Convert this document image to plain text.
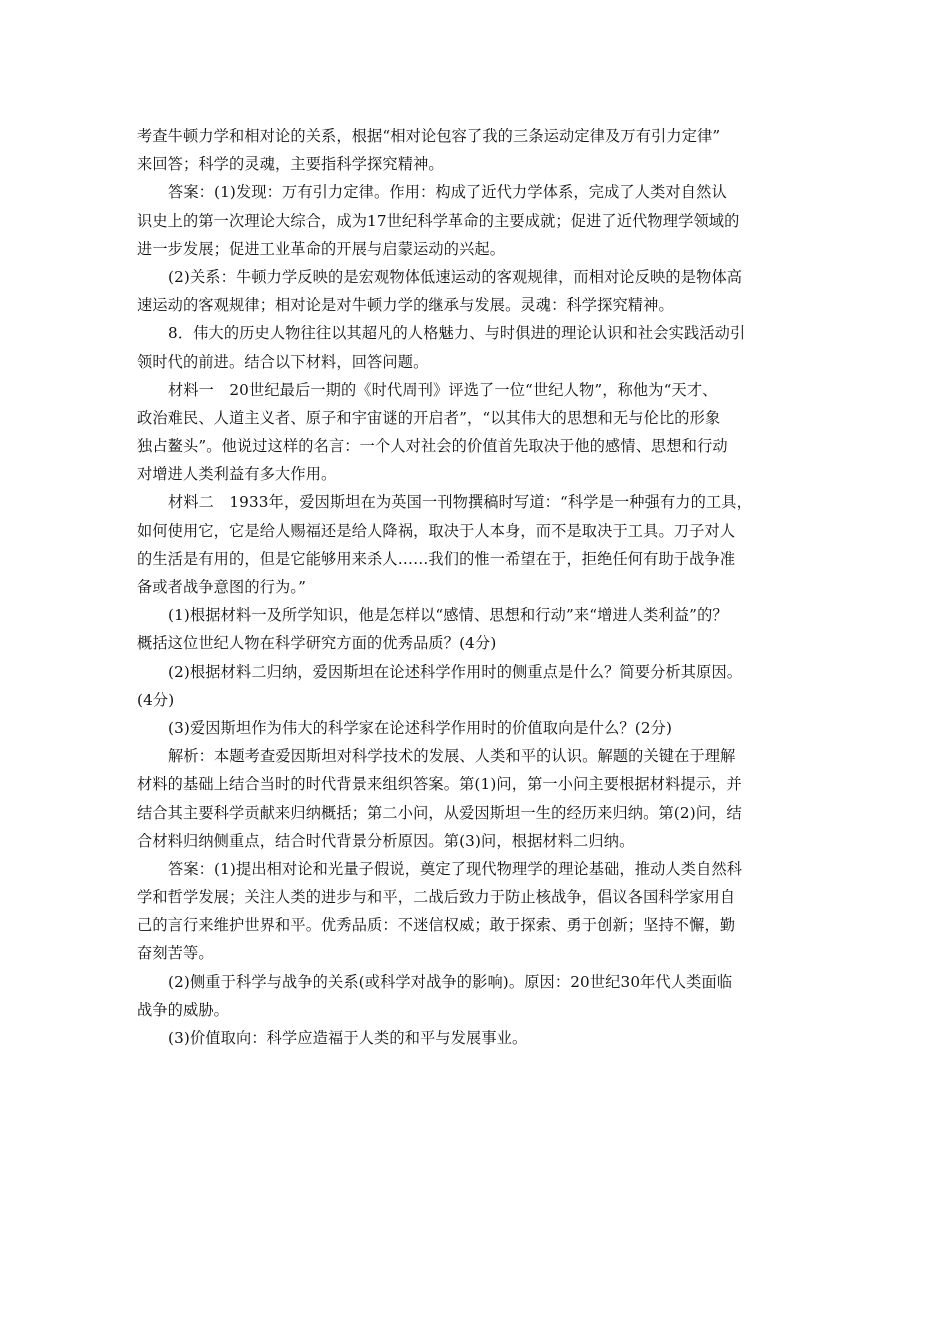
考查牛顿力学和相对论的关系，根据“相对论包容了我的三条运动定律及万有引力定律”
来回答；科学的灵魂，主要指科学探究精神。
答案：(1)发现：万有引力定律。作用：构成了近代力学体系，完成了人类对自然认
识史上的第一次理论大综合，成为17世纪科学革命的主要成就；促进了近代物理学领域的
进一步发展；促进工业革命的开展与启蒙运动的兴起。
(2)关系：牛顿力学反映的是宏观物体低速运动的客观规律，而相对论反映的是物体高
速运动的客观规律；相对论是对牛顿力学的继承与发展。灵魂：科学探究精神。
8．伟大的历史人物往往以其超凡的人格魅力、与时俱进的理论认识和社会实践活动引
领时代的前进。结合以下材料，回答问题。
材料一　20世纪最后一期的《时代周刊》评选了一位“世纪人物”，称他为“天才、
政治难民、人道主义者、原子和宇宙谜的开启者”，“以其伟大的思想和无与伦比的形象
独占鳌头”。他说过这样的名言：一个人对社会的价值首先取决于他的感情、思想和行动
对增进人类利益有多大作用。
材料二　1933年，爱因斯坦在为英国一刊物撰稿时写道：“科学是一种强有力的工具，
如何使用它，它是给人赐福还是给人降祸，取决于人本身，而不是取决于工具。刀子对人
的生活是有用的，但是它能够用来杀人……我们的惟一希望在于，拒绝任何有助于战争准
备或者战争意图的行为。”
(1)根据材料一及所学知识，他是怎样以“感情、思想和行动”来“增进人类利益”的？
概括这位世纪人物在科学研究方面的优秀品质？(4分)
(2)根据材料二归纳，爱因斯坦在论述科学作用时的侧重点是什么？简要分析其原因。
(4分)
(3)爱因斯坦作为伟大的科学家在论述科学作用时的价值取向是什么？(2分)
解析：本题考查爱因斯坦对科学技术的发展、人类和平的认识。解题的关键在于理解
材料的基础上结合当时的时代背景来组织答案。第(1)问，第一小问主要根据材料提示，并
结合其主要科学贡献来归纳概括；第二小问，从爱因斯坦一生的经历来归纳。第(2)问，结
合材料归纳侧重点，结合时代背景分析原因。第(3)问，根据材料二归纳。
答案：(1)提出相对论和光量子假说，奠定了现代物理学的理论基础，推动人类自然科
学和哲学发展；关注人类的进步与和平，二战后致力于防止核战争，倡议各国科学家用自
己的言行来维护世界和平。优秀品质：不迷信权威；敢于探索、勇于创新；坚持不懈，勤
奋刻苦等。
(2)侧重于科学与战争的关系(或科学对战争的影响)。原因：20世纪30年代人类面临
战争的威胁。
(3)价值取向：科学应造福于人类的和平与发展事业。
